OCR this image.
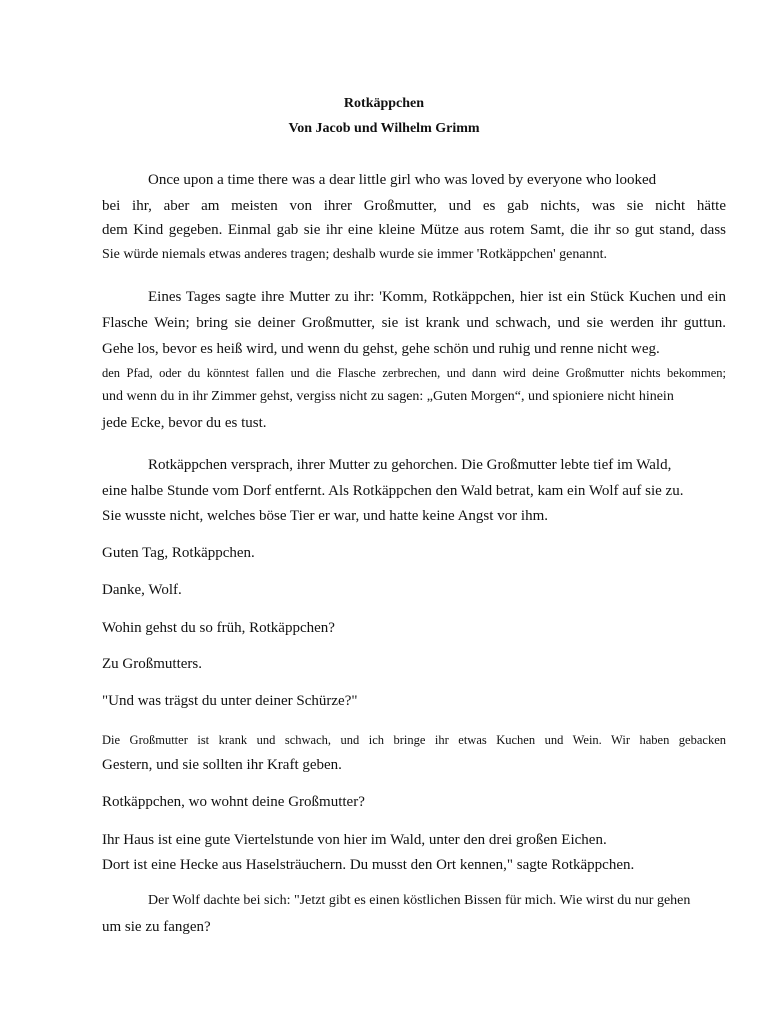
Rotkäppchen
Von Jacob und Wilhelm Grimm
Once upon a time there was a dear little girl who was loved by everyone who looked
bei ihr, aber am meisten von ihrer Großmutter, und es gab nichts, was sie nicht hätte
dem Kind gegeben. Einmal gab sie ihr eine kleine Mütze aus rotem Samt, die ihr so gut stand, dass
Sie würde niemals etwas anderes tragen; deshalb wurde sie immer 'Rotkäppchen' genannt.
Eines Tages sagte ihre Mutter zu ihr: 'Komm, Rotkäppchen, hier ist ein Stück Kuchen und ein
Flasche Wein; bring sie deiner Großmutter, sie ist krank und schwach, und sie werden ihr guttun.
Gehe los, bevor es heiß wird, und wenn du gehst, gehe schön und ruhig und renne nicht weg.
den Pfad, oder du könntest fallen und die Flasche zerbrechen, und dann wird deine Großmutter nichts bekommen;
und wenn du in ihr Zimmer gehst, vergiss nicht zu sagen: „Guten Morgen“, und spioniere nicht hinein
jede Ecke, bevor du es tust.
Rotkäppchen versprach, ihrer Mutter zu gehorchen. Die Großmutter lebte tief im Wald,
eine halbe Stunde vom Dorf entfernt. Als Rotkäppchen den Wald betrat, kam ein Wolf auf sie zu.
Sie wusste nicht, welches böse Tier er war, und hatte keine Angst vor ihm.
Guten Tag, Rotkäppchen.
Danke, Wolf.
Wohin gehst du so früh, Rotkäppchen?
Zu Großmutters.
"Und was trägst du unter deiner Schürze?"
Die Großmutter ist krank und schwach, und ich bringe ihr etwas Kuchen und Wein. Wir haben gebacken
Gestern, und sie sollten ihr Kraft geben.
Rotkäppchen, wo wohnt deine Großmutter?
Ihr Haus ist eine gute Viertelstunde von hier im Wald, unter den drei großen Eichen.
Dort ist eine Hecke aus Haselsträuchern. Du musst den Ort kennen," sagte Rotkäppchen.
Der Wolf dachte bei sich: "Jetzt gibt es einen köstlichen Bissen für mich. Wie wirst du nur gehen
um sie zu fangen?
